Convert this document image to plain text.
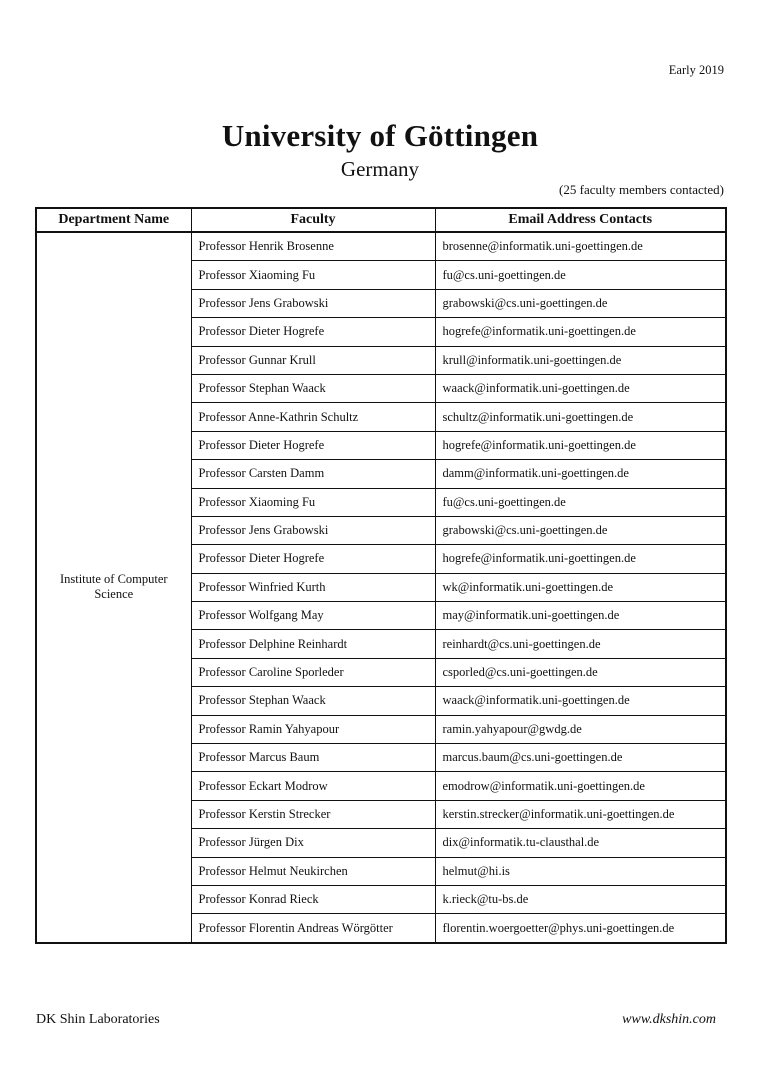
Early 2019
University of Göttingen
Germany
(25 faculty members contacted)
Department Name	Faculty	Email Address Contacts
Institute of Computer Science	Professor Henrik Brosenne	brosenne@informatik.uni-goettingen.de
	Professor Xiaoming Fu	fu@cs.uni-goettingen.de
	Professor Jens Grabowski	grabowski@cs.uni-goettingen.de
	Professor Dieter Hogrefe	hogrefe@informatik.uni-goettingen.de
	Professor Gunnar Krull	krull@informatik.uni-goettingen.de
	Professor Stephan Waack	waack@informatik.uni-goettingen.de
	Professor Anne-Kathrin Schultz	schultz@informatik.uni-goettingen.de
	Professor Dieter Hogrefe	hogrefe@informatik.uni-goettingen.de
	Professor Carsten Damm	damm@informatik.uni-goettingen.de
	Professor Xiaoming Fu	fu@cs.uni-goettingen.de
	Professor Jens Grabowski	grabowski@cs.uni-goettingen.de
	Professor Dieter Hogrefe	hogrefe@informatik.uni-goettingen.de
	Professor Winfried Kurth	wk@informatik.uni-goettingen.de
	Professor Wolfgang May	may@informatik.uni-goettingen.de
	Professor Delphine Reinhardt	reinhardt@cs.uni-goettingen.de
	Professor Caroline Sporleder	csporled@cs.uni-goettingen.de
	Professor Stephan Waack	waack@informatik.uni-goettingen.de
	Professor Ramin Yahyapour	ramin.yahyapour@gwdg.de
	Professor Marcus Baum	marcus.baum@cs.uni-goettingen.de
	Professor Eckart Modrow	emodrow@informatik.uni-goettingen.de
	Professor Kerstin Strecker	kerstin.strecker@informatik.uni-goettingen.de
	Professor Jürgen Dix	dix@informatik.tu-clausthal.de
	Professor Helmut Neukirchen	helmut@hi.is
	Professor Konrad Rieck	k.rieck@tu-bs.de
	Professor Florentin Andreas Wörgötter	florentin.woergoetter@phys.uni-goettingen.de
DK Shin Laboratories	www.dkshin.com
